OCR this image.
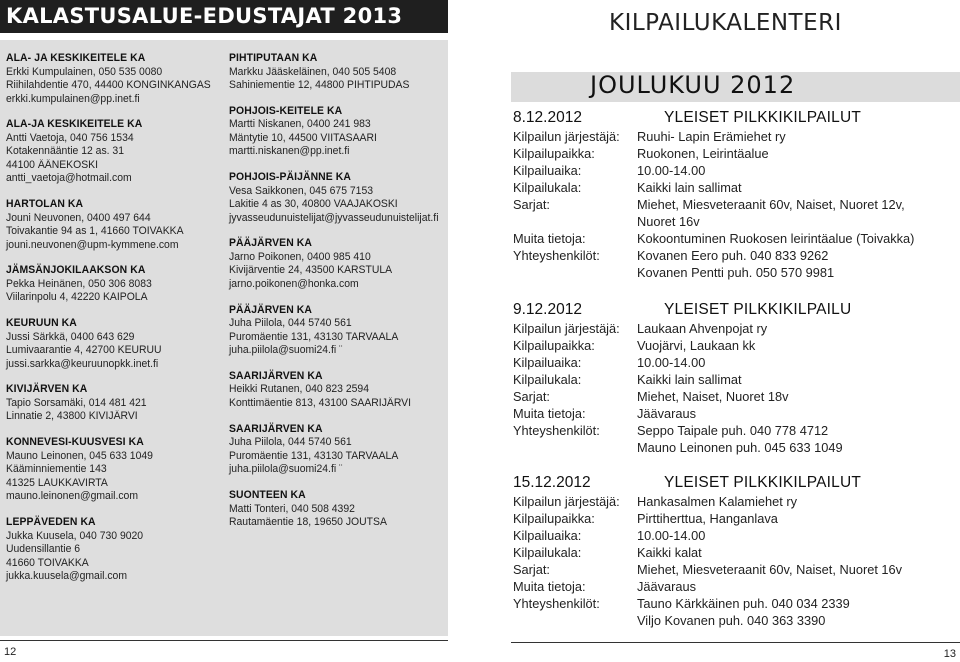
KALASTUSALUE-EDUSTAJAT 2013
ALA- JA KESKIKEITELE KA
Erkki Kumpulainen, 050 535 0080
Riihilahdentie 470, 44400 KONGINKANGAS
erkki.kumpulainen@pp.inet.fi
ALA-JA KESKIKEITELE KA
Antti Vaetoja, 040 756 1534
Kotakennääntie 12 as. 31
44100 ÄÄNEKOSKI
antti_vaetoja@hotmail.com
HARTOLAN KA
Jouni Neuvonen, 0400 497 644
Toivakantie 94 as 1, 41660 TOIVAKKA
jouni.neuvonen@upm-kymmene.com
JÄMSÄNJOKILAAKSON KA
Pekka Heinänen, 050 306 8083
Viilarinpolu 4, 42220 KAIPOLA
KEURUUN KA
Jussi Särkkä, 0400 643 629
Lumivaarantie 4, 42700 KEURUU
jussi.sarkka@keuruunopkk.inet.fi
KIVIJÄRVEN KA
Tapio Sorsamäki, 014 481 421
Linnatie 2, 43800 KIVIJÄRVI
KONNEVESI-KUUSVESI KA
Mauno Leinonen, 045 633 1049
Kääminniementie 143
41325 LAUKKAVIRTA
mauno.leinonen@gmail.com
LEPPÄVEDEN KA
Jukka Kuusela, 040 730 9020
Uudensillantie 6
41660 TOIVAKKA
jukka.kuusela@gmail.com
PIHTIPUTAAN KA
Markku Jääskeläinen, 040 505 5408
Sahiniementie 12, 44800 PIHTIPUDAS
POHJOIS-KEITELE KA
Martti Niskanen, 0400 241 983
Mäntytie 10, 44500 VIITASAARI
martti.niskanen@pp.inet.fi
POHJOIS-PÄIJÄNNE KA
Vesa Saikkonen, 045 675 7153
Lakitie 4 as 30, 40800 VAAJAKOSKI
jyvasseudunuistelijat@jyvasseudunuistelijat.fi
PÄÄJÄRVEN KA
Jarno Poikonen, 0400 985 410
Kivijärventie 24, 43500 KARSTULA
jarno.poikonen@honka.com
PÄÄJÄRVEN KA
Juha Piilola, 044 5740 561
Puromäentie 131, 43130 TARVAALA
juha.piilola@suomi24.fi ¨
SAARIJÄRVEN KA
Heikki Rutanen, 040 823 2594
Konttimäentie 813, 43100 SAARIJÄRVI
SAARIJÄRVEN KA
Juha Piilola, 044 5740 561
Puromäentie 131, 43130 TARVAALA
juha.piilola@suomi24.fi ¨
SUONTEEN KA
Matti Tonteri, 040 508 4392
Rautamäentie 18, 19650 JOUTSA
12
KILPAILUKALENTERI
JOULUKUU 2012
8.12.2012	YLEISET PILKKIKILPAILUT
Kilpailun järjestäjä: Ruuhi- Lapin Erämiehet ry
Kilpailupaikka:	Ruokonen, Leirintäalue
Kilpailuaika:	10.00-14.00
Kilpailukala:	Kaikki lain sallimat
Sarjat:	Miehet, Miesveteraanit 60v, Naiset, Nuoret 12v,
Nuoret 16v
Muita tietoja:	Kokoontuminen Ruokosen leirintäalue (Toivakka)
Yhteyshenkilöt:	Kovanen Eero puh. 040 833 9262
Kovanen Pentti puh. 050 570 9981
9.12.2012	YLEISET PILKKIKILPAILU
Kilpailun järjestäjä: Laukaan Ahvenpojat ry
Kilpailupaikka:	Vuojärvi, Laukaan kk
Kilpailuaika:	10.00-14.00
Kilpailukala:	Kaikki lain sallimat
Sarjat:	Miehet, Naiset, Nuoret 18v
Muita tietoja:	Jäävaraus
Yhteyshenkilöt:	Seppo Taipale puh. 040 778 4712
Mauno Leinonen puh. 045 633 1049
15.12.2012	YLEISET PILKKIKILPAILUT
Kilpailun järjestäjä: Hankasalmen Kalamiehet ry
Kilpailupaikka:	Pirttiherttua, Hanganlava
Kilpailuaika:	10.00-14.00
Kilpailukala:	Kaikki kalat
Sarjat:	Miehet, Miesveteraanit 60v, Naiset, Nuoret 16v
Muita tietoja:	Jäävaraus
Yhteyshenkilöt:	Tauno Kärkkäinen puh. 040 034 2339
Viljo Kovanen puh. 040 363 3390
13
